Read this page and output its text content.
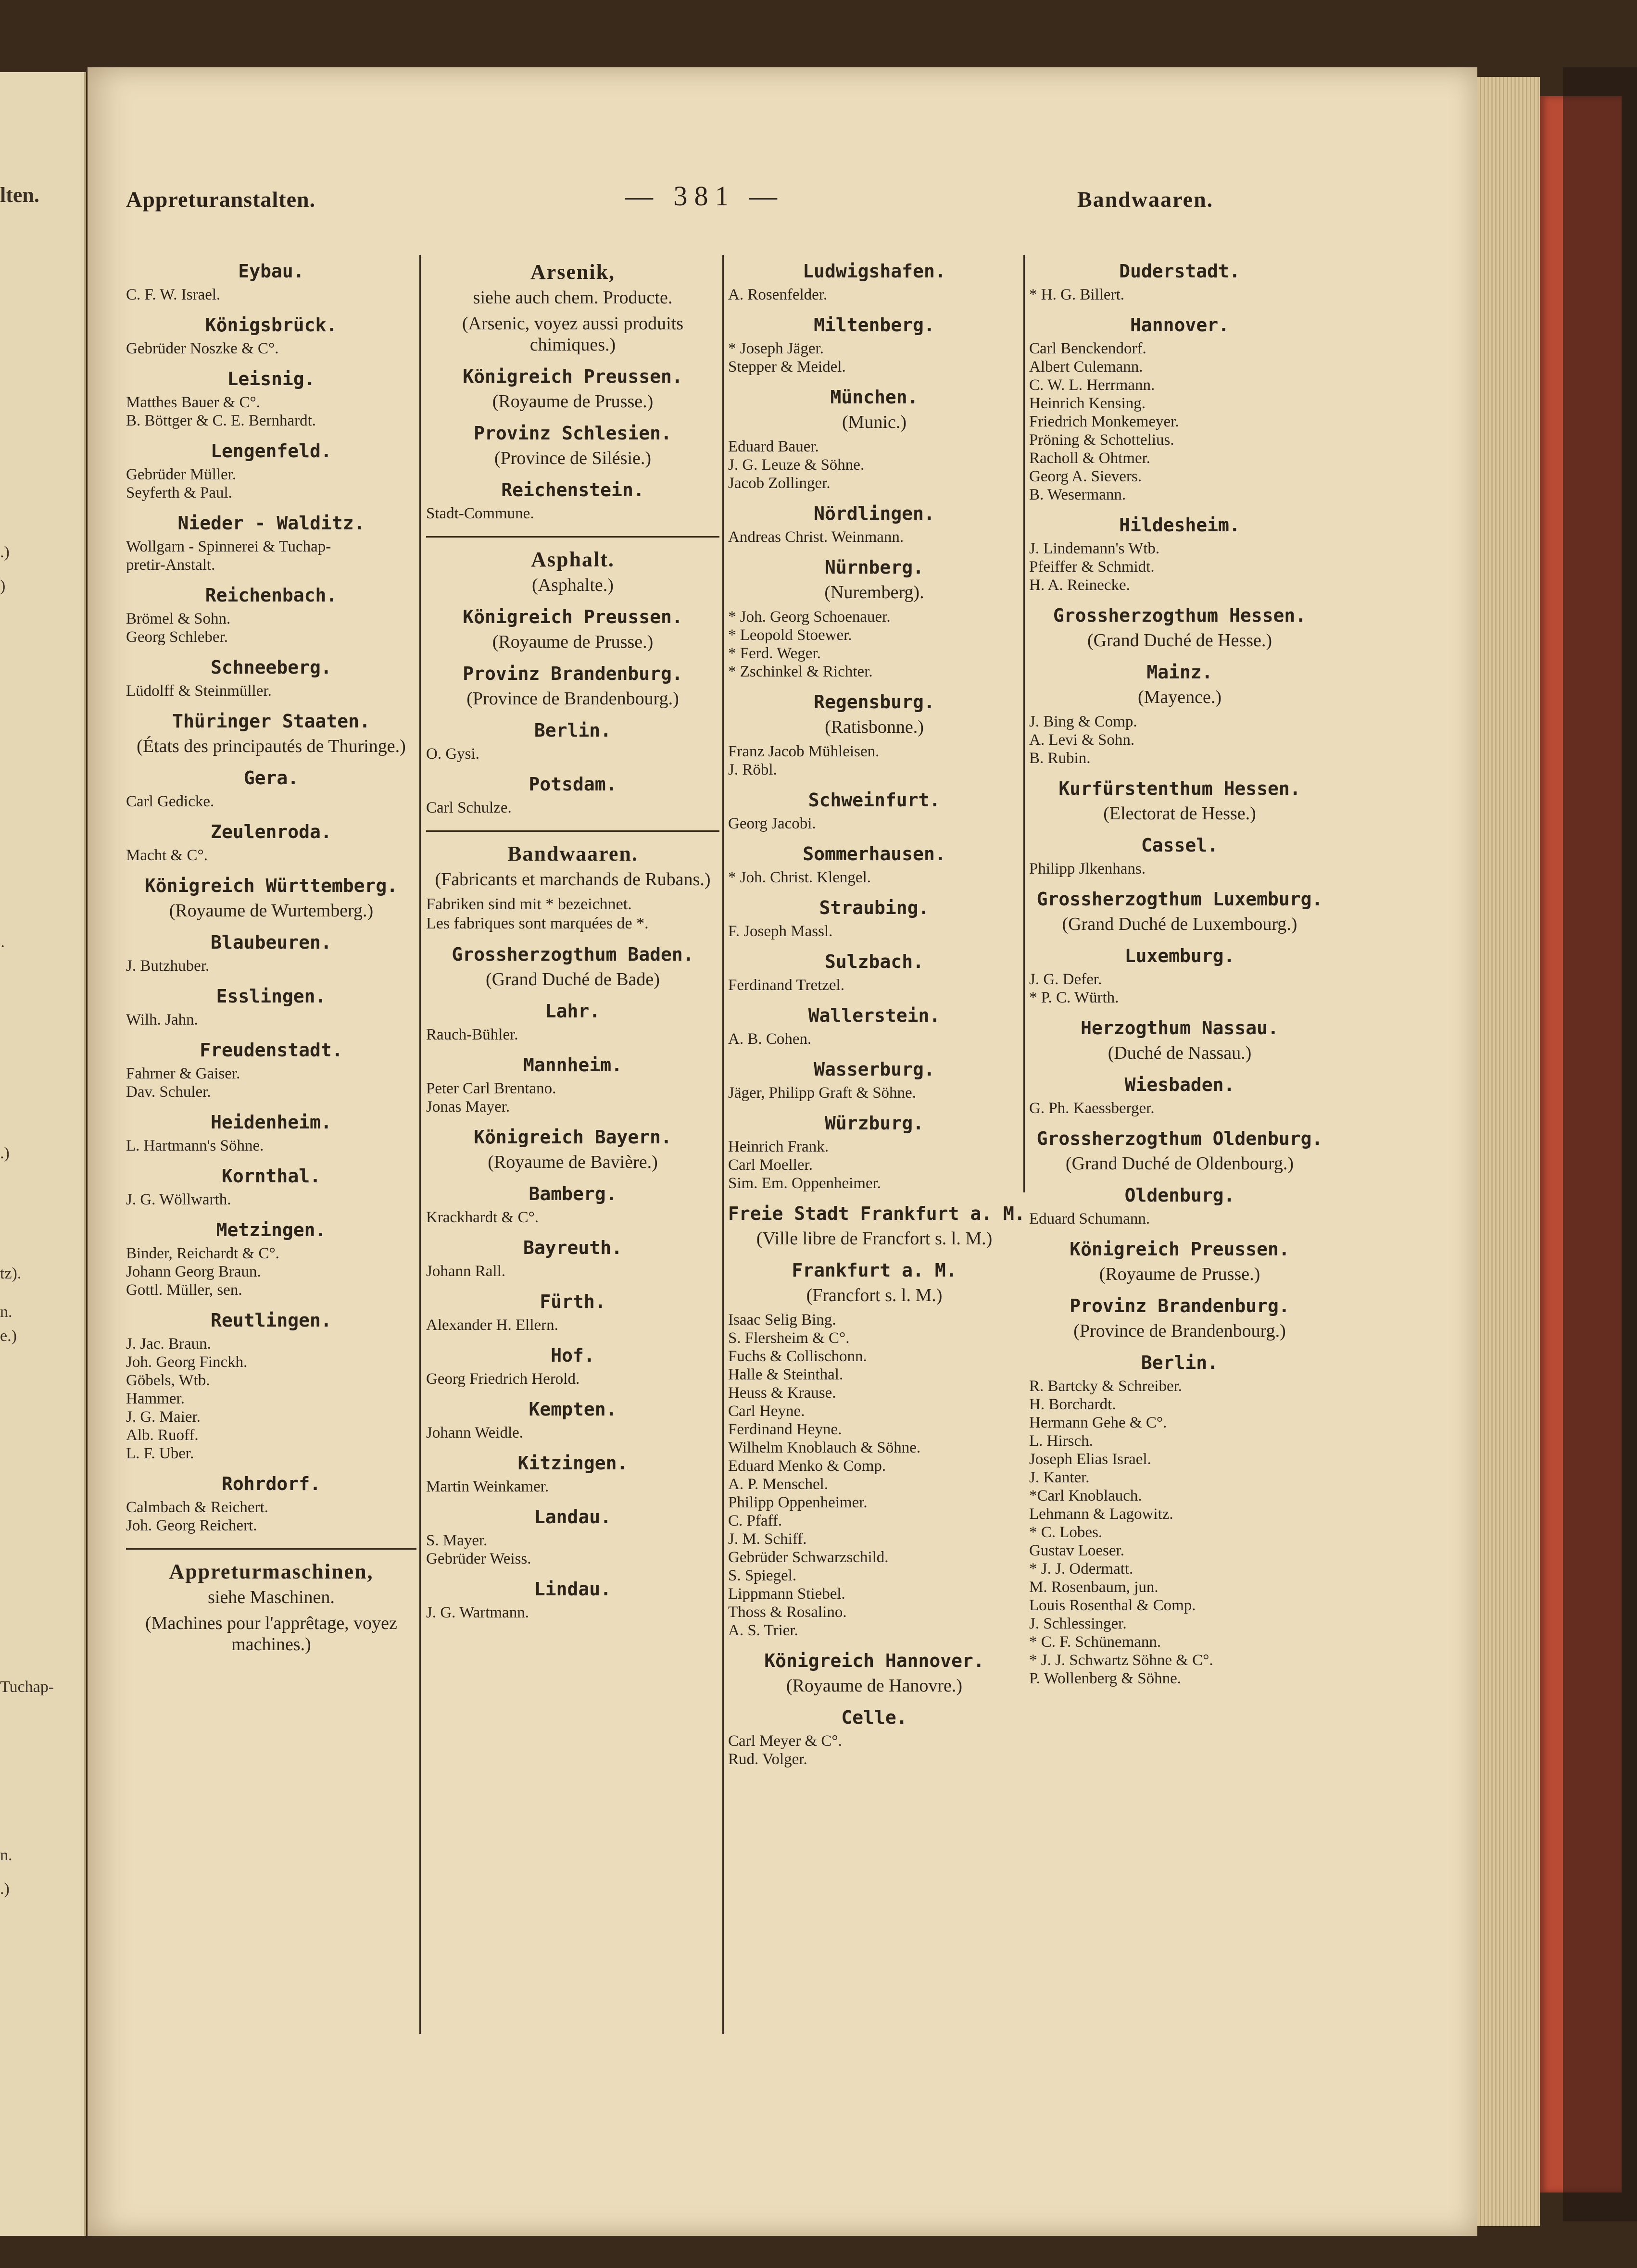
lten.
.)
)
·
.)
tz).
n.
e.)
Tuchap-
n.
.)
Appreturanstalten.	— 381 —	Bandwaaren.
Eybau.
C. F. W. Israel.
Königsbrück.
Gebrüder Noszke & C°.
Leisnig.
Matthes Bauer & C°.
B. Böttger & C. E. Bernhardt.
Lengenfeld.
Gebrüder Müller.
Seyferth & Paul.
Nieder - Walditz.
Wollgarn - Spinnerei & Tuchap-
pretir-Anstalt.
Reichenbach.
Brömel & Sohn.
Georg Schleber.
Schneeberg.
Lüdolff & Steinmüller.
Thüringer Staaten.
(États des principautés de Thuringe.)
Gera.
Carl Gedicke.
Zeulenroda.
Macht & C°.
Königreich Württemberg.
(Royaume de Wurtemberg.)
Blaubeuren.
J. Butzhuber.
Esslingen.
Wilh. Jahn.
Freudenstadt.
Fahrner & Gaiser.
Dav. Schuler.
Heidenheim.
L. Hartmann's Söhne.
Kornthal.
J. G. Wöllwarth.
Metzingen.
Binder, Reichardt & C°.
Johann Georg Braun.
Gottl. Müller, sen.
Reutlingen.
J. Jac. Braun.
Joh. Georg Finckh.
Göbels, Wtb.
Hammer.
J. G. Maier.
Alb. Ruoff.
L. F. Uber.
Rohrdorf.
Calmbach & Reichert.
Joh. Georg Reichert.
Appreturmaschinen,
siehe Maschinen.
(Machines pour l'apprêtage, voyez machines.)
Arsenik,
siehe auch chem. Producte.
(Arsenic, voyez aussi produits chimiques.)
Königreich Preussen.
(Royaume de Prusse.)
Provinz Schlesien.
(Province de Silésie.)
Reichenstein.
Stadt-Commune.
Asphalt.
(Asphalte.)
Königreich Preussen.
(Royaume de Prusse.)
Provinz Brandenburg.
(Province de Brandenbourg.)
Berlin.
O. Gysi.
Potsdam.
Carl Schulze.
Bandwaaren.
(Fabricants et marchands de Rubans.)
Fabriken sind mit * bezeichnet.
Les fabriques sont marquées de *.
Grossherzogthum Baden.
(Grand Duché de Bade)
Lahr.
Rauch-Bühler.
Mannheim.
Peter Carl Brentano.
Jonas Mayer.
Königreich Bayern.
(Royaume de Bavière.)
Bamberg.
Krackhardt & C°.
Bayreuth.
Johann Rall.
Fürth.
Alexander H. Ellern.
Hof.
Georg Friedrich Herold.
Kempten.
Johann Weidle.
Kitzingen.
Martin Weinkamer.
Landau.
S. Mayer.
Gebrüder Weiss.
Lindau.
J. G. Wartmann.
Ludwigshafen.
A. Rosenfelder.
Miltenberg.
* Joseph Jäger.
Stepper & Meidel.
München.
(Munic.)
Eduard Bauer.
J. G. Leuze & Söhne.
Jacob Zollinger.
Nördlingen.
Andreas Christ. Weinmann.
Nürnberg.
(Nuremberg).
* Joh. Georg Schoenauer.
* Leopold Stoewer.
* Ferd. Weger.
* Zschinkel & Richter.
Regensburg.
(Ratisbonne.)
Franz Jacob Mühleisen.
J. Röbl.
Schweinfurt.
Georg Jacobi.
Sommerhausen.
* Joh. Christ. Klengel.
Straubing.
F. Joseph Massl.
Sulzbach.
Ferdinand Tretzel.
Wallerstein.
A. B. Cohen.
Wasserburg.
Jäger, Philipp Graft & Söhne.
Würzburg.
Heinrich Frank.
Carl Moeller.
Sim. Em. Oppenheimer.
Freie Stadt Frankfurt a. M.
(Ville libre de Francfort s. l. M.)
Frankfurt a. M.
(Francfort s. l. M.)
Isaac Selig Bing.
S. Flersheim & C°.
Fuchs & Collischonn.
Halle & Steinthal.
Heuss & Krause.
Carl Heyne.
Ferdinand Heyne.
Wilhelm Knoblauch & Söhne.
Eduard Menko & Comp.
A. P. Menschel.
Philipp Oppenheimer.
C. Pfaff.
J. M. Schiff.
Gebrüder Schwarzschild.
S. Spiegel.
Lippmann Stiebel.
Thoss & Rosalino.
A. S. Trier.
Königreich Hannover.
(Royaume de Hanovre.)
Celle.
Carl Meyer & C°.
Rud. Volger.
Duderstadt.
* H. G. Billert.
Hannover.
Carl Benckendorf.
Albert Culemann.
C. W. L. Herrmann.
Heinrich Kensing.
Friedrich Monkemeyer.
Pröning & Schottelius.
Racholl & Ohtmer.
Georg A. Sievers.
B. Wesermann.
Hildesheim.
J. Lindemann's Wtb.
Pfeiffer & Schmidt.
H. A. Reinecke.
Grossherzogthum Hessen.
(Grand Duché de Hesse.)
Mainz.
(Mayence.)
J. Bing & Comp.
A. Levi & Sohn.
B. Rubin.
Kurfürstenthum Hessen.
(Electorat de Hesse.)
Cassel.
Philipp Jlkenhans.
Grossherzogthum Luxemburg.
(Grand Duché de Luxembourg.)
Luxemburg.
J. G. Defer.
* P. C. Würth.
Herzogthum Nassau.
(Duché de Nassau.)
Wiesbaden.
G. Ph. Kaessberger.
Grossherzogthum Oldenburg.
(Grand Duché de Oldenbourg.)
Oldenburg.
Eduard Schumann.
Königreich Preussen.
(Royaume de Prusse.)
Provinz Brandenburg.
(Province de Brandenbourg.)
Berlin.
R. Bartcky & Schreiber.
H. Borchardt.
Hermann Gehe & C°.
L. Hirsch.
Joseph Elias Israel.
J. Kanter.
*Carl Knoblauch.
Lehmann & Lagowitz.
* C. Lobes.
Gustav Loeser.
* J. J. Odermatt.
M. Rosenbaum, jun.
Louis Rosenthal & Comp.
J. Schlessinger.
* C. F. Schünemann.
* J. J. Schwartz Söhne & C°.
P. Wollenberg & Söhne.
